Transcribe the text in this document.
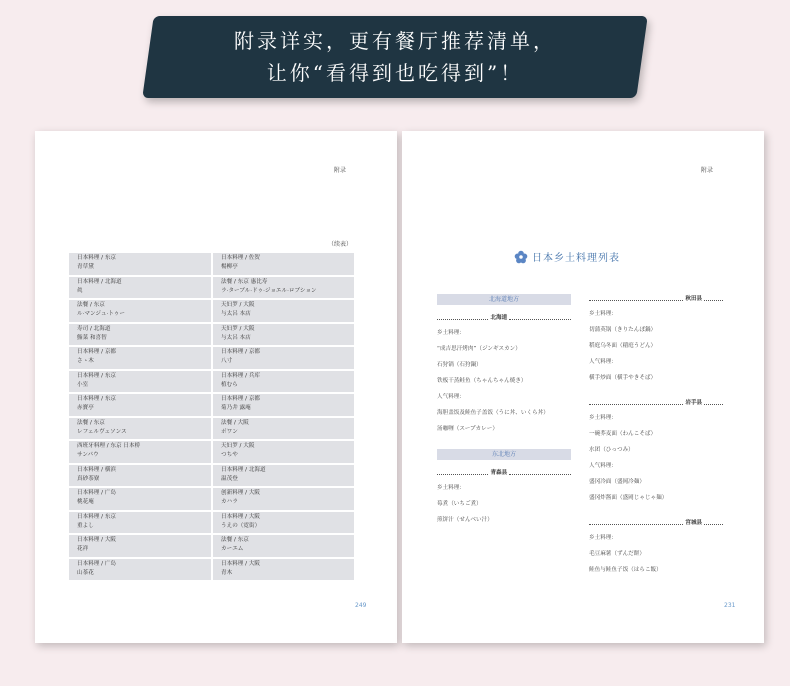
附录详实，更有餐厅推荐清单，
让你“看得到也吃得到”！
附录
（续表）
日本料理 / 东京
青草黛
日本料理 / 佐贺
楊柳亭
日本料理 / 北海道
眞
法餐 / 东京 惠比寿
ラ·ターブル·ドゥ·ジョエル·ロブション
法餐 / 东京
ル·マンジュ·トゥー
天妇罗 / 大阪
与太呂 本店
寿司 / 北海道
鮨菜 和喜智
天妇罗 / 大阪
与太呂 本店
日本料理 / 京都
さゝ木
日本料理 / 京都
八寸
日本料理 / 东京
小室
日本料理 / 兵库
植むら
日本料理 / 东京
赤寶亭
日本料理 / 京都
菊乃井 露庵
法餐 / 东京
レフェルヴェソンス
法餐 / 大阪
ポワン
西班牙料理 / 东京 日本桥
サンパウ
天妇罗 / 大阪
つちや
日本料理 / 横滨
真砂茶寮
日本料理 / 北海道
温茂登
日本料理 / 广岛
桃花庵
创新料理 / 大阪
カハラ
日本料理 / 东京
重よし
日本料理 / 大阪
うえの（霓街）
日本料理 / 大阪
花祥
法餐 / 东京
カーエム
日本料理 / 广岛
山茶花
日本料理 / 大阪
青木
249
附录
日本乡土料理列表
北海道地方
北海道
乡土料理：
“成吉思汗烤肉”（ジンギスカン）
石狩锅（石狩鍋）
铁板干蒸鲑鱼（ちゃんちゃん焼き）
人气料理：
海胆盖饭及鲑鱼子盖饭（うに丼、いくら丼）
汤咖喱（スープカレー）
东北地方
青森县
乡土料理：
莓煮（いちご煮）
煎饼汁（せんべい汁）
秋田县
乡土料理：
切蒲英锅（きりたんぽ鍋）
稻庭乌冬面（稲庭うどん）
人气料理：
横手炒面（横手やきそば）
岩手县
乡土料理：
一碗荞麦面（わんこそば）
水团（ひっつみ）
人气料理：
盛冈冷面（盛岡冷麺）
盛冈炸酱面（盛岡じゃじゃ麺）
宫城县
乡土料理：
毛豆麻薯（ずんだ餅）
鲑鱼与鲑鱼子饭（はらこ飯）
231
